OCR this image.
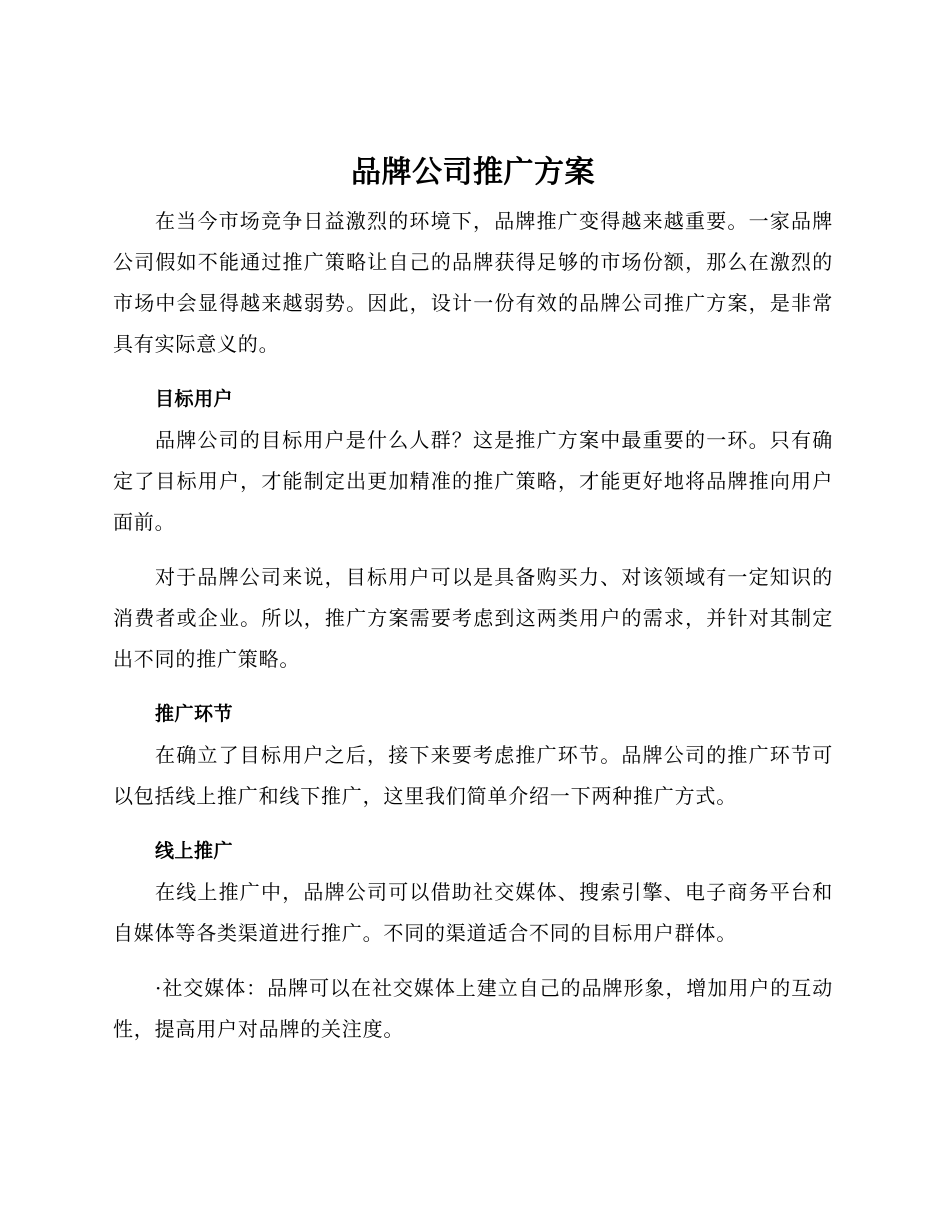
品牌公司推广方案

在当今市场竞争日益激烈的环境下，品牌推广变得越来越重要。一家品牌公司假如不能通过推广策略让自己的品牌获得足够的市场份额，那么在激烈的市场中会显得越来越弱势。因此，设计一份有效的品牌公司推广方案，是非常具有实际意义的。

目标用户

品牌公司的目标用户是什么人群？这是推广方案中最重要的一环。只有确定了目标用户，才能制定出更加精准的推广策略，才能更好地将品牌推向用户面前。

对于品牌公司来说，目标用户可以是具备购买力、对该领域有一定知识的消费者或企业。所以，推广方案需要考虑到这两类用户的需求，并针对其制定出不同的推广策略。

推广环节

在确立了目标用户之后，接下来要考虑推广环节。品牌公司的推广环节可以包括线上推广和线下推广，这里我们简单介绍一下两种推广方式。

线上推广

在线上推广中，品牌公司可以借助社交媒体、搜索引擎、电子商务平台和自媒体等各类渠道进行推广。不同的渠道适合不同的目标用户群体。

·社交媒体：品牌可以在社交媒体上建立自己的品牌形象，增加用户的互动性，提高用户对品牌的关注度。
